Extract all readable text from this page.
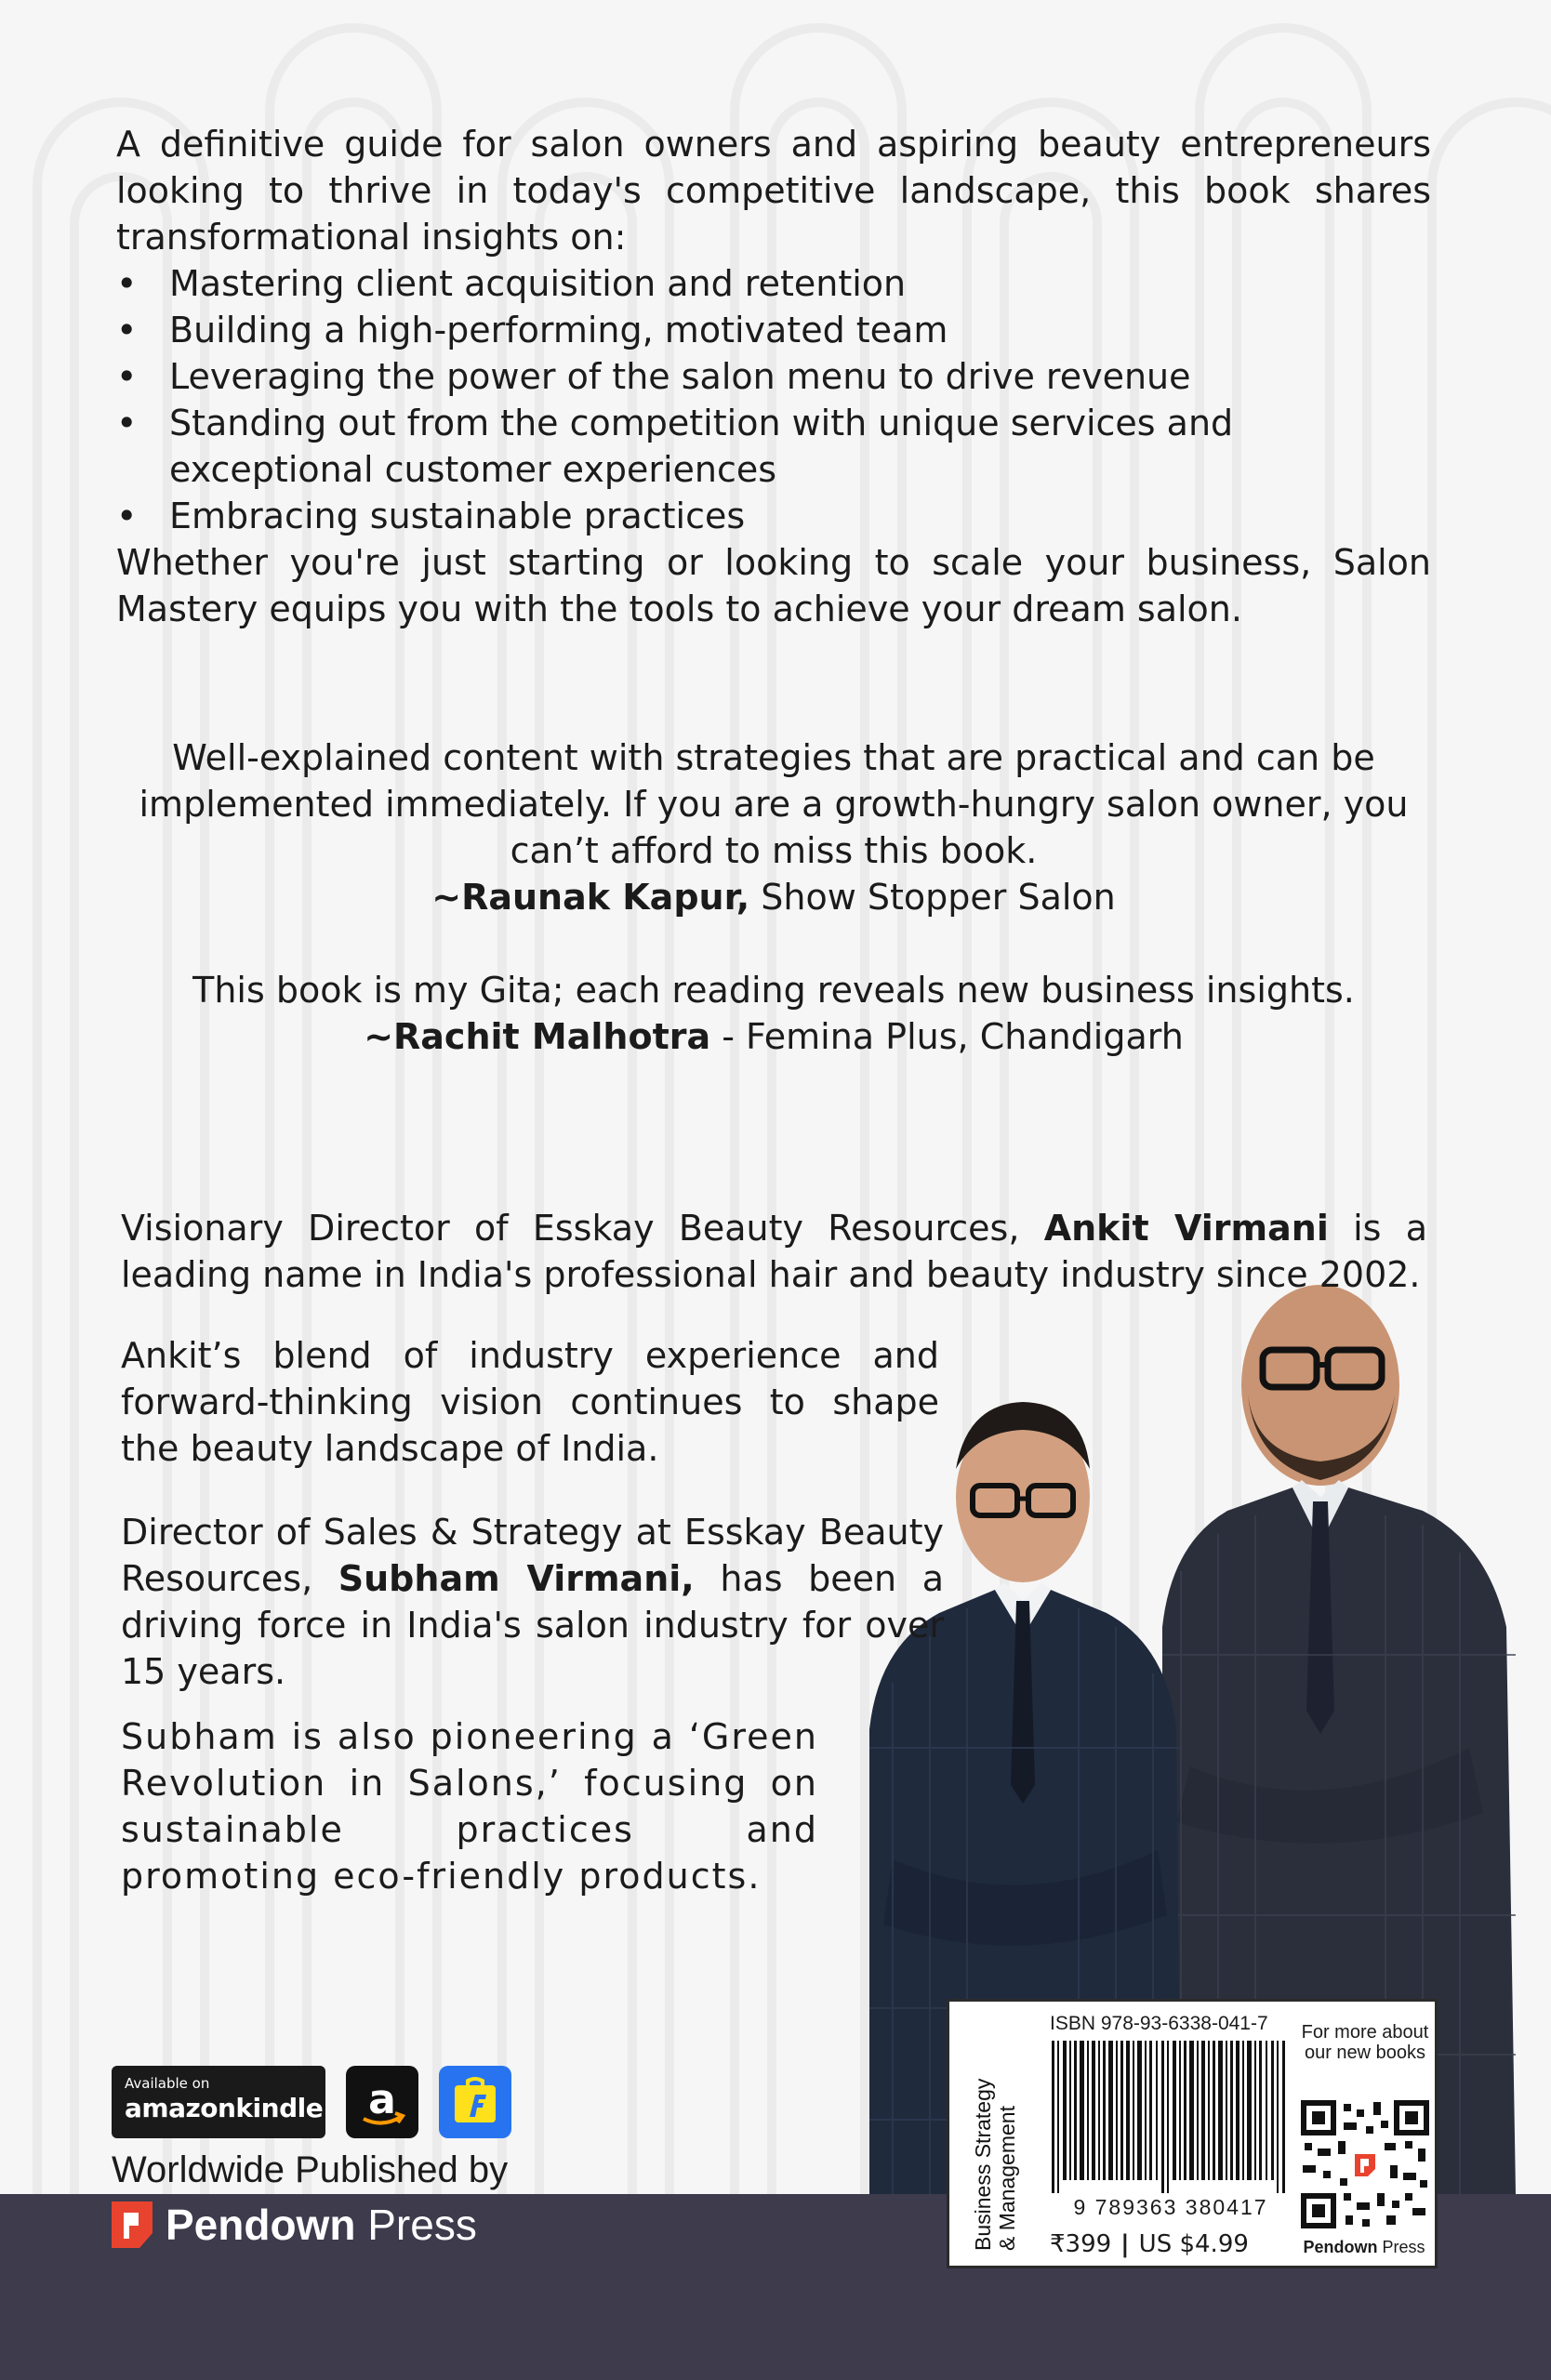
A definitive guide for salon owners and aspiring beauty entrepreneurs looking to thrive in today's competitive landscape, this book shares transformational insights on:

• Mastering client acquisition and retention
• Building a high-performing, motivated team
• Leveraging the power of the salon menu to drive revenue
• Standing out from the competition with unique services and exceptional customer experiences
• Embracing sustainable practices

Whether you're just starting or looking to scale your business, Salon Mastery equips you with the tools to achieve your dream salon.

Well-explained content with strategies that are practical and can be implemented immediately. If you are a growth-hungry salon owner, you can’t afford to miss this book.

~Raunak Kapur, Show Stopper Salon

This book is my Gita; each reading reveals new business insights.

~Rachit Malhotra - Femina Plus, Chandigarh

Visionary Director of Esskay Beauty Resources, Ankit Virmani is a leading name in India's professional hair and beauty industry since 2002.

Ankit’s blend of industry experience and forward-thinking vision continues to shape the beauty landscape of India.

Director of Sales & Strategy at Esskay Beauty Resources, Subham Virmani, has been a driving force in India's salon industry for over 15 years.

Subham is also pioneering a ‘Green Revolution in Salons,’ focusing on sustainable practices and promoting eco-friendly products.

Available on
amazonkindle a
Worldwide Published by
Pendown Press	Business Strategy & Management
ISBN 978-93-6338-041-7
9 789363 380417
₹399 | US $4.99
For more about our new books
Pendown Press
